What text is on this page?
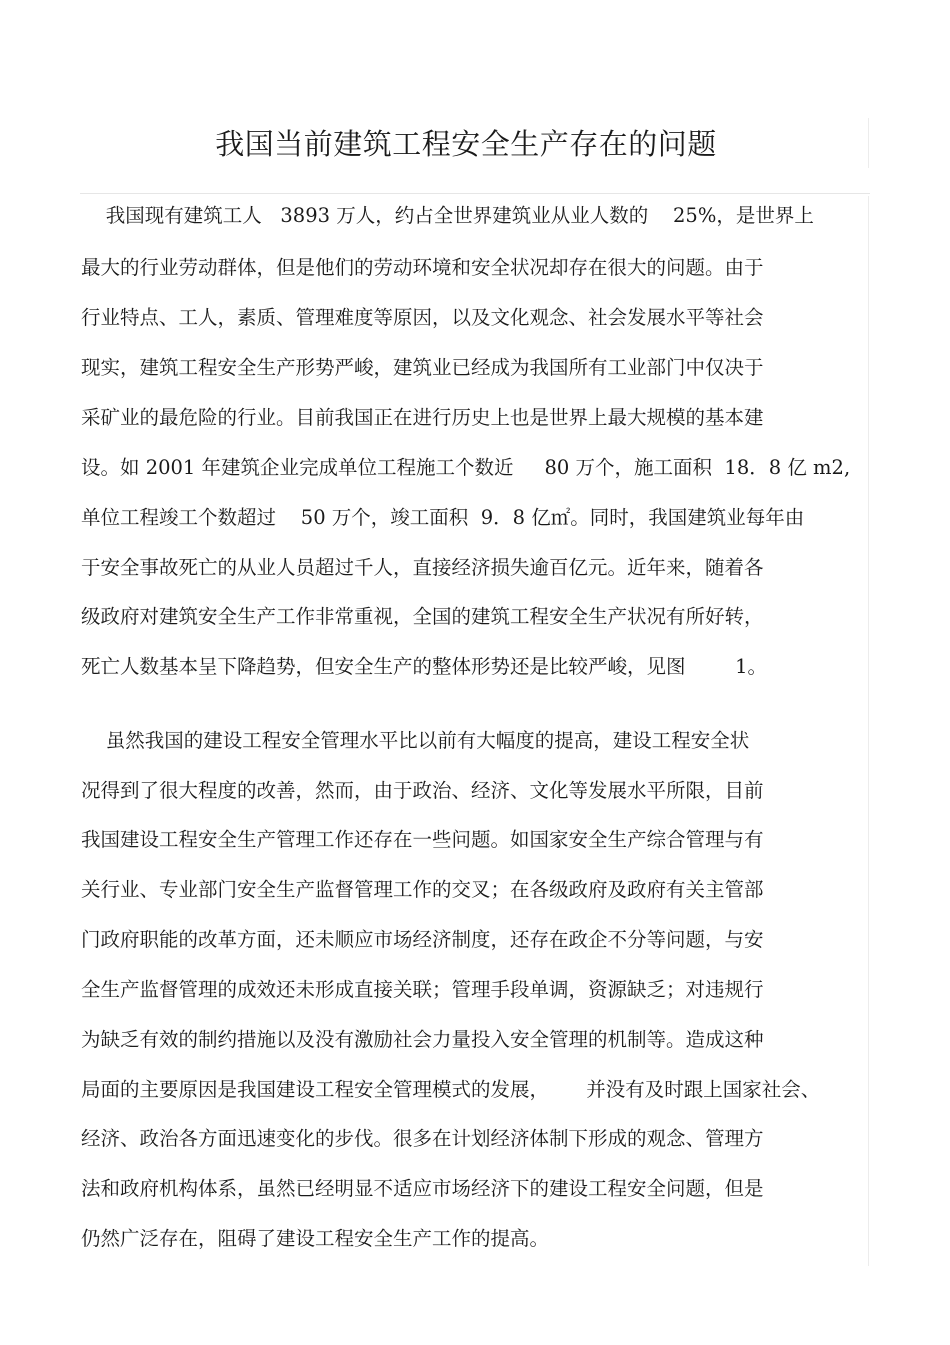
我国当前建筑工程安全生产存在的问题
我国现有建筑工人   3893 万人，约占全世界建筑业从业人数的    25%，是世界上
最大的行业劳动群体，但是他们的劳动环境和安全状况却存在很大的问题。由于
行业特点、工人，素质、管理难度等原因，以及文化观念、社会发展水平等社会
现实，建筑工程安全生产形势严峻，建筑业已经成为我国所有工业部门中仅决于
采矿业的最危险的行业。目前我国正在进行历史上也是世界上最大规模的基本建
设。如 2001 年建筑企业完成单位工程施工个数近     80 万个，施工面积  18．8 亿 m2,
单位工程竣工个数超过    50 万个，竣工面积  9．8 亿㎡。同时，我国建筑业每年由
于安全事故死亡的从业人员超过千人，直接经济损失逾百亿元。近年来，随着各
级政府对建筑安全生产工作非常重视，全国的建筑工程安全生产状况有所好转，
死亡人数基本呈下降趋势，但安全生产的整体形势还是比较严峻，见图        1。
虽然我国的建设工程安全管理水平比以前有大幅度的提高，建设工程安全状
况得到了很大程度的改善，然而，由于政治、经济、文化等发展水平所限，目前
我国建设工程安全生产管理工作还存在一些问题。如国家安全生产综合管理与有
关行业、专业部门安全生产监督管理工作的交叉；在各级政府及政府有关主管部
门政府职能的改革方面，还未顺应市场经济制度，还存在政企不分等问题，与安
全生产监督管理的成效还未形成直接关联；管理手段单调，资源缺乏；对违规行
为缺乏有效的制约措施以及没有激励社会力量投入安全管理的机制等。造成这种
局面的主要原因是我国建设工程安全管理模式的发展，      并没有及时跟上国家社会、
经济、政治各方面迅速变化的步伐。很多在计划经济体制下形成的观念、管理方
法和政府机构体系，虽然已经明显不适应市场经济下的建设工程安全问题，但是
仍然广泛存在，阻碍了建设工程安全生产工作的提高。
